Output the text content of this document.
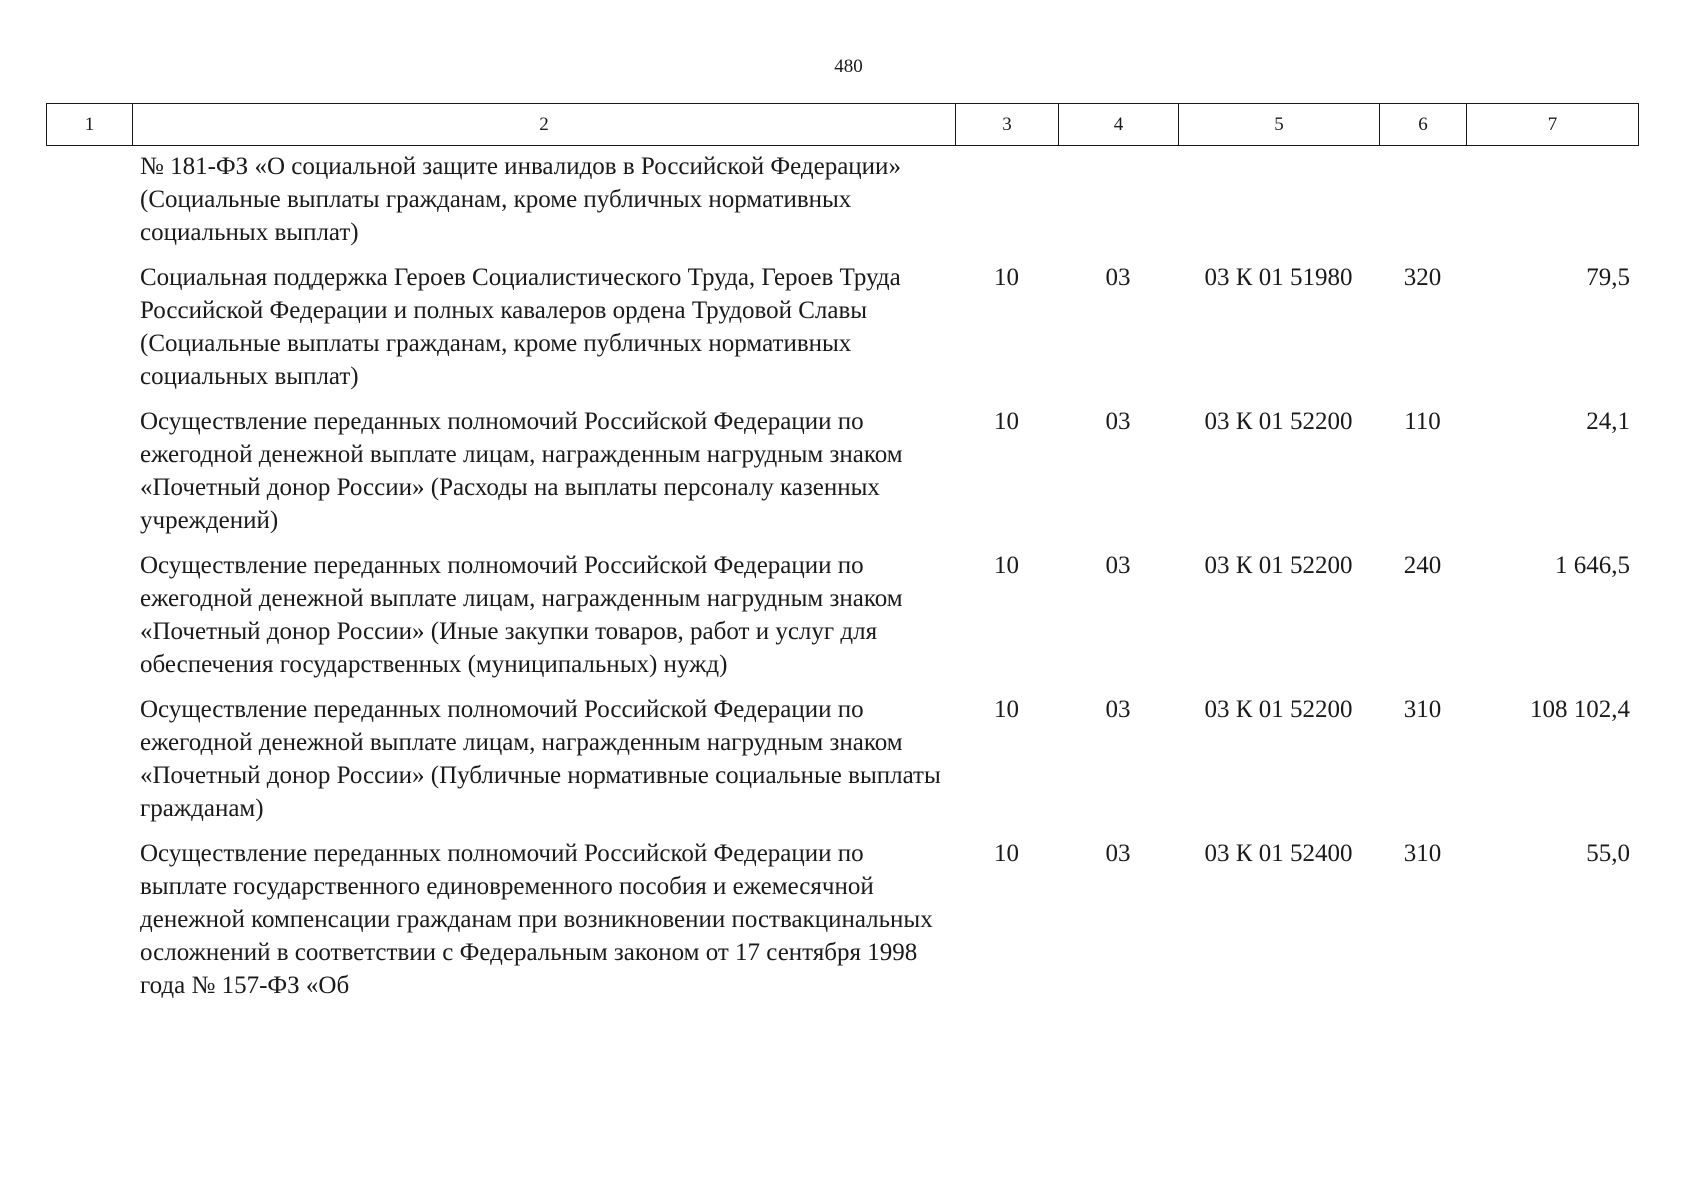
480
1	2	3	4	5	6	7
№ 181-ФЗ «О социальной защите инвалидов в Российской Федерации» (Социальные выплаты гражданам, кроме публичных нормативных социальных выплат)					
Социальная поддержка Героев Социалистического Труда, Героев Труда Российской Федерации и полных кавалеров ордена Трудовой Славы (Социальные выплаты гражданам, кроме публичных нормативных социальных выплат)	10	03	03 К 01 51980	320	79,5
Осуществление переданных полномочий Российской Федерации по ежегодной денежной выплате лицам, награжденным нагрудным знаком «Почетный донор России» (Расходы на выплаты персоналу казенных учреждений)	10	03	03 К 01 52200	110	24,1
Осуществление переданных полномочий Российской Федерации по ежегодной денежной выплате лицам, награжденным нагрудным знаком «Почетный донор России» (Иные закупки товаров, работ и услуг для обеспечения государственных (муниципальных) нужд)	10	03	03 К 01 52200	240	1 646,5
Осуществление переданных полномочий Российской Федерации по ежегодной денежной выплате лицам, награжденным нагрудным знаком «Почетный донор России» (Публичные нормативные социальные выплаты гражданам)	10	03	03 К 01 52200	310	108 102,4
Осуществление переданных полномочий Российской Федерации по выплате государственного единовременного пособия и ежемесячной денежной компенсации гражданам при возникновении поствакцинальных осложнений в соответствии с Федеральным законом от 17 сентября 1998 года № 157-ФЗ «Об	10	03	03 К 01 52400	310	55,0
